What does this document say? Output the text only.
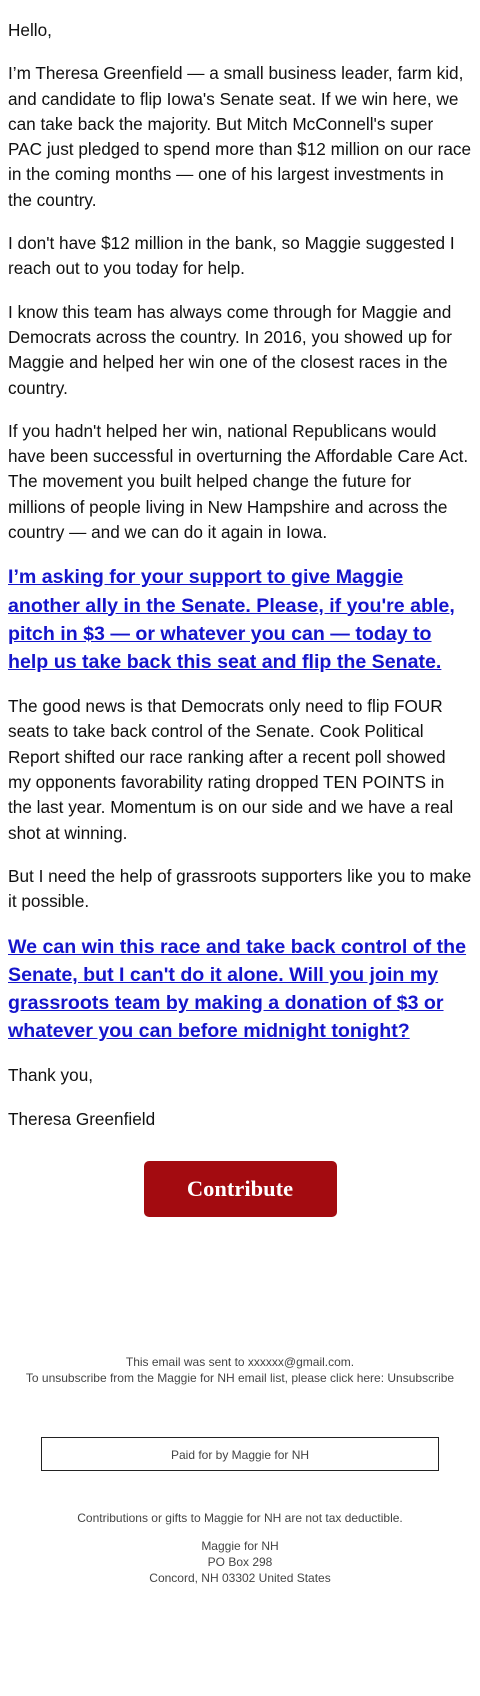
Hello,

I’m Theresa Greenfield — a small business leader, farm kid, and candidate to flip Iowa's Senate seat. If we win here, we can take back the majority. But Mitch McConnell's super PAC just pledged to spend more than $12 million on our race in the coming months — one of his largest investments in the country.

I don't have $12 million in the bank, so Maggie suggested I reach out to you today for help.

I know this team has always come through for Maggie and Democrats across the country. In 2016, you showed up for Maggie and helped her win one of the closest races in the country.

If you hadn't helped her win, national Republicans would have been successful in overturning the Affordable Care Act. The movement you built helped change the future for millions of people living in New Hampshire and across the country — and we can do it again in Iowa.

I’m asking for your support to give Maggie another ally in the Senate. Please, if you're able, pitch in $3 — or whatever you can — today to help us take back this seat and flip the Senate.

The good news is that Democrats only need to flip FOUR seats to take back control of the Senate. Cook Political Report shifted our race ranking after a recent poll showed my opponents favorability rating dropped TEN POINTS in the last year. Momentum is on our side and we have a real shot at winning.

But I need the help of grassroots supporters like you to make it possible.

We can win this race and take back control of the Senate, but I can't do it alone. Will you join my grassroots team by making a donation of $3 or whatever you can before midnight tonight?

Thank you,

Theresa Greenfield

Contribute
This email was sent to xxxxxx@gmail.com.
To unsubscribe from the Maggie for NH email list, please click here: Unsubscribe
Paid for by Maggie for NH
Contributions or gifts to Maggie for NH are not tax deductible.
Maggie for NH
PO Box 298
Concord, NH 03302 United States
